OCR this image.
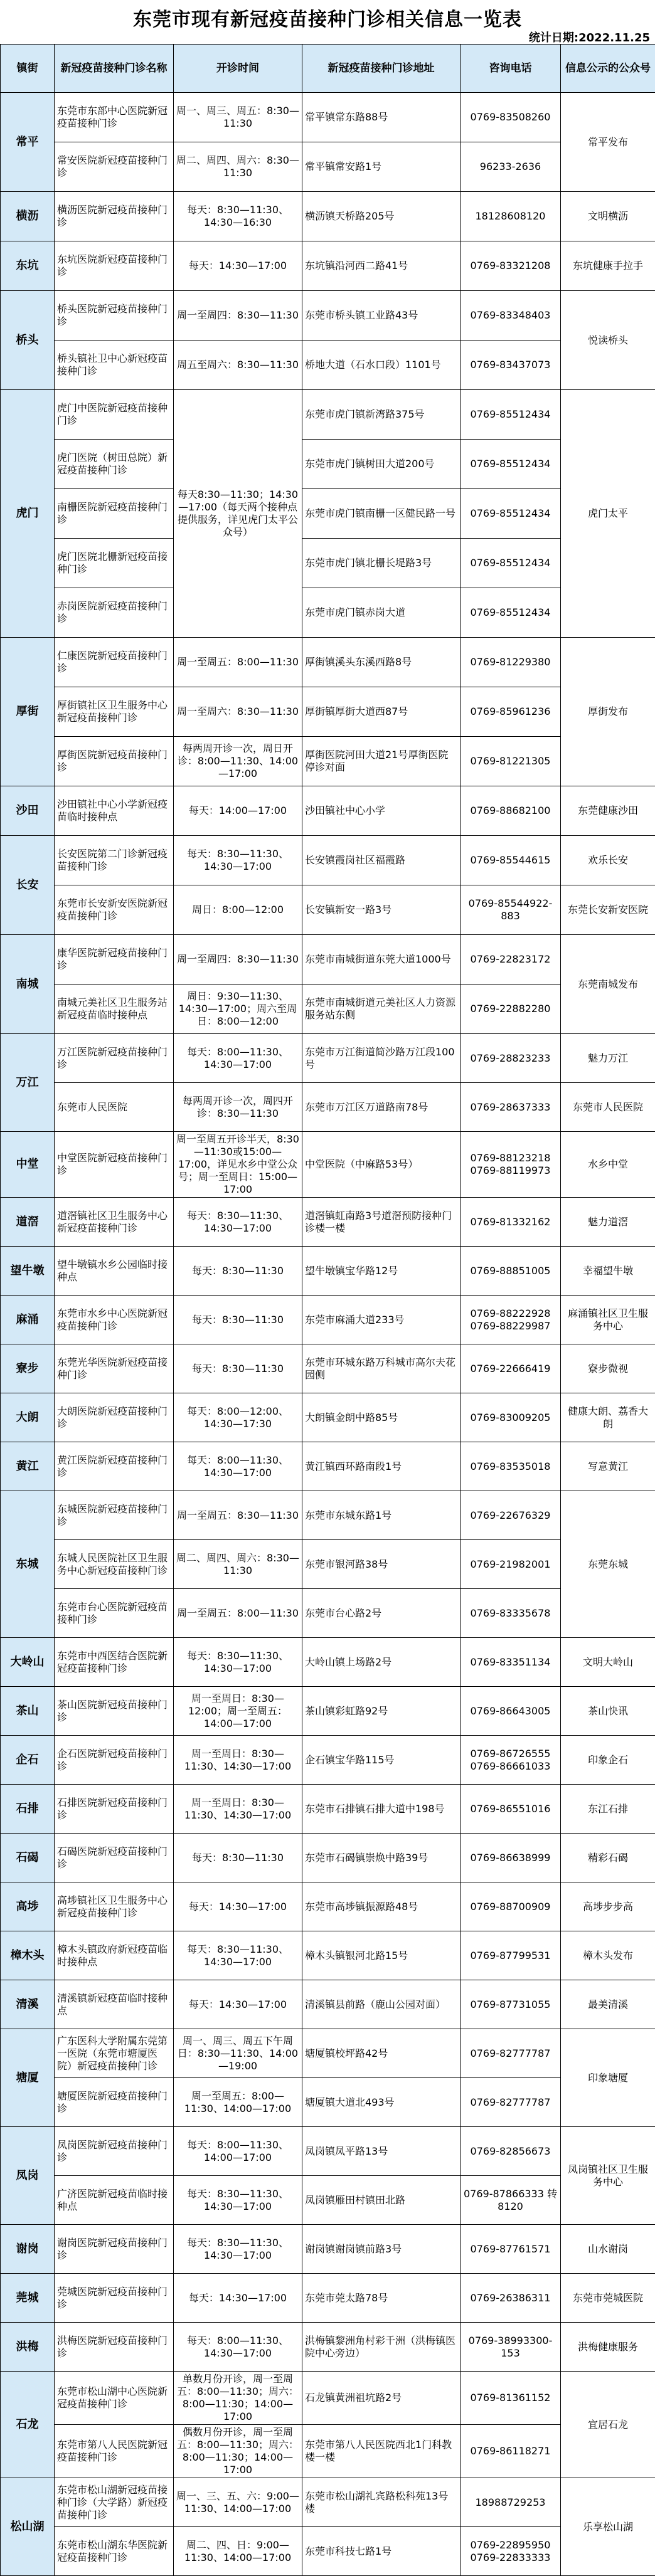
东莞市现有新冠疫苗接种门诊相关信息一览表
统计日期:2022.11.25
镇街	新冠疫苗接种门诊名称	开诊时间	新冠疫苗接种门诊地址	咨询电话	信息公示的公众号
常平	东莞市东部中心医院新冠疫苗接种门诊	周一、周三、周五：8:30—11:30	常平镇常东路88号	0769-83508260	常平发布
	常安医院新冠疫苗接种门诊	周二、周四、周六：8:30—11:30	常平镇常安路1号	96233-2636	
横沥	横沥医院新冠疫苗接种门诊	每天：8:30—11:30、14:30—16:30	横沥镇天桥路205号	18128608120	文明横沥
东坑	东坑医院新冠疫苗接种门诊	每天：14:30—17:00	东坑镇沿河西二路41号	0769-83321208	东坑健康手拉手
桥头	桥头医院新冠疫苗接种门诊	周一至周四：8:30—11:30	东莞市桥头镇工业路43号	0769-83348403	悦读桥头
	桥头镇社卫中心新冠疫苗接种门诊	周五至周六：8:30—11:30	桥地大道（石水口段）1101号	0769-83437073	
虎门	虎门中医院新冠疫苗接种门诊	每天8:30—11:30；14:30—17:00（每天两个接种点提供服务，详见虎门太平公众号）	东莞市虎门镇新湾路375号	0769-85512434	虎门太平
	虎门医院（树田总院）新冠疫苗接种门诊		东莞市虎门镇树田大道200号	0769-85512434	
	南栅医院新冠疫苗接种门诊		东莞市虎门镇南栅一区健民路一号	0769-85512434	
	虎门医院北栅新冠疫苗接种门诊		东莞市虎门镇北栅长堤路3号	0769-85512434	
	赤岗医院新冠疫苗接种门诊		东莞市虎门镇赤岗大道	0769-85512434	
厚街	仁康医院新冠疫苗接种门诊	周一至周五：8:00—11:30	厚街镇溪头东溪西路8号	0769-81229380	厚街发布
	厚街镇社区卫生服务中心新冠疫苗接种门诊	周一至周六：8:30—11:30	厚街镇厚街大道西87号	0769-85961236	
	厚街医院新冠疫苗接种门诊	每两周开诊一次，周日开诊：8:00—11:30、14:00—17:00	厚街医院河田大道21号厚街医院停诊对面	0769-81221305	
沙田	沙田镇社中心小学新冠疫苗临时接种点	每天：14:00—17:00	沙田镇社中心小学	0769-88682100	东莞健康沙田
长安	长安医院第二门诊新冠疫苗接种门诊	每天：8:30—11:30、14:30—17:00	长安镇霞岗社区福霞路	0769-85544615	欢乐长安
	东莞市长安新安医院新冠疫苗接种门诊	周日：8:00—12:00	长安镇新安一路3号	0769-85544922-883	东莞长安新安医院
南城	康华医院新冠疫苗接种门诊	周一至周四：8:30—11:30	东莞市南城街道东莞大道1000号	0769-22823172	东莞南城发布
	南城元美社区卫生服务站新冠疫苗临时接种点	周日：9:30—11:30、14:30—17:00；周六至周日：8:00—12:00	东莞市南城街道元美社区人力资源服务站东侧	0769-22882280	
万江	万江医院新冠疫苗接种门诊	每天：8:00—11:30、14:30—17:00	东莞市万江街道简沙路万江段100号	0769-28823233	魅力万江
	东莞市人民医院	每两周开诊一次，周四开诊：8:30—11:30	东莞市万江区万道路南78号	0769-28637333	东莞市人民医院
中堂	中堂医院新冠疫苗接种门诊	周一至周五开诊半天，8:30—11:30或15:00—17:00，详见水乡中堂公众号；周一至周日：15:00—17:00	中堂医院（中麻路53号）	0769-88123218 0769-88119973	水乡中堂
道滘	道滘镇社区卫生服务中心新冠疫苗接种门诊	每天：8:30—11:30、14:30—17:00	道滘镇虹南路3号道滘预防接种门诊楼一楼	0769-81332162	魅力道滘
望牛墩	望牛墩镇水乡公园临时接种点	每天：8:30—11:30	望牛墩镇宝华路12号	0769-88851005	幸福望牛墩
麻涌	东莞市水乡中心医院新冠疫苗接种门诊	每天：8:30—11:30	东莞市麻涌大道233号	0769-88222928 0769-88229987	麻涌镇社区卫生服务中心
寮步	东莞光华医院新冠疫苗接种门诊	每天：8:30—11:30	东莞市环城东路万科城市高尔夫花园侧	0769-22666419	寮步微视
大朗	大朗医院新冠疫苗接种门诊	每天：8:00—12:00、14:30—17:30	大朗镇金朗中路85号	0769-83009205	健康大朗、荔香大朗
黄江	黄江医院新冠疫苗接种门诊	每天：8:00—11:30、14:30—17:00	黄江镇西环路南段1号	0769-83535018	写意黄江
东城	东城医院新冠疫苗接种门诊	周一至周五：8:30—11:30	东莞市东城东路1号	0769-22676329	东莞东城
	东城人民医院社区卫生服务中心新冠疫苗接种门诊	周二、周四、周六：8:30—11:30	东莞市银河路38号	0769-21982001	
	东莞市台心医院新冠疫苗接种门诊	周一至周五：8:00—11:30	东莞市台心路2号	0769-83335678	
大岭山	东莞市中西医结合医院新冠疫苗接种门诊	每天：8:30—11:30、14:30—17:00	大岭山镇上场路2号	0769-83351134	文明大岭山
茶山	茶山医院新冠疫苗接种门诊	周一至周日：8:30—12:00；周一至周五：14:00—17:00	茶山镇彩虹路92号	0769-86643005	茶山快讯
企石	企石医院新冠疫苗接种门诊	周一至周日：8:30—11:30、14:30—17:00	企石镇宝华路115号	0769-86726555 0769-86661033	印象企石
石排	石排医院新冠疫苗接种门诊	周一至周日：8:30—11:30、14:30—17:00	东莞市石排镇石排大道中198号	0769-86551016	东江石排
石碣	石碣医院新冠疫苗接种门诊	每天：8:30—11:30	东莞市石碣镇崇焕中路39号	0769-86638999	精彩石碣
高埗	高埗镇社区卫生服务中心新冠疫苗接种门诊	每天：14:30—17:00	东莞市高埗镇振源路48号	0769-88700909	高埗步步高
樟木头	樟木头镇政府新冠疫苗临时接种点	每天：8:30—11:30、14:30—17:00	樟木头镇银河北路15号	0769-87799531	樟木头发布
清溪	清溪镇新冠疫苗临时接种点	每天：14:30—17:00	清溪镇县前路（鹿山公园对面）	0769-87731055	最美清溪
塘厦	广东医科大学附属东莞第一医院（东莞市塘厦医院）新冠疫苗接种门诊	周一、周三、周五下午周日：8:30—11:30、14:00—19:00	塘厦镇校坪路42号	0769-82777787	印象塘厦
	塘厦医院新冠疫苗接种门诊	周一至周五：8:00—11:30、14:00—17:00	塘厦镇大道北493号	0769-82777787	
凤岗	凤岗医院新冠疫苗接种门诊	每天：8:00—11:30、14:00—17:00	凤岗镇凤平路13号	0769-82856673	凤岗镇社区卫生服务中心
	广济医院新冠疫苗临时接种点	每天：8:30—11:30、14:30—17:00	凤岗镇雁田村镇田北路	0769-87866333 转8120	
谢岗	谢岗医院新冠疫苗接种门诊	每天：8:30—11:30、14:30—17:00	谢岗镇谢岗镇前路3号	0769-87761571	山水谢岗
莞城	莞城医院新冠疫苗接种门诊	每天：14:30—17:00	东莞市莞太路78号	0769-26386311	东莞市莞城医院
洪梅	洪梅医院新冠疫苗接种门诊	每天：8:00—11:30、14:30—17:00	洪梅镇黎洲角村彩千洲（洪梅镇医院中心旁边）	0769-38993300-153	洪梅健康服务
石龙	东莞市松山湖中心医院新冠疫苗接种门诊	单数月份开诊，周一至周五：8:00—11:30；周六：8:00—11:30；14:00—17:00	石龙镇黄洲祖坑路2号	0769-81361152	宜居石龙
	东莞市第八人民医院新冠疫苗接种门诊	偶数月份开诊，周一至周五：8:00—11:30；周六：8:00—11:30；14:00—17:00	东莞市第八人民医院西北1门科教楼一楼	0769-86118271	
松山湖	东莞市松山湖新冠疫苗接种门诊（大学路）新冠疫苗接种门诊	周一、三、五、六：9:00—11:30、14:00—17:00	东莞市松山湖礼宾路松科苑13号楼	18988729253	乐享松山湖
	东莞市松山湖东华医院新冠疫苗接种门诊	周二、四、日：9:00—11:30、14:00—17:00	东莞市科技七路1号	0769-22895950 0769-22833333	
